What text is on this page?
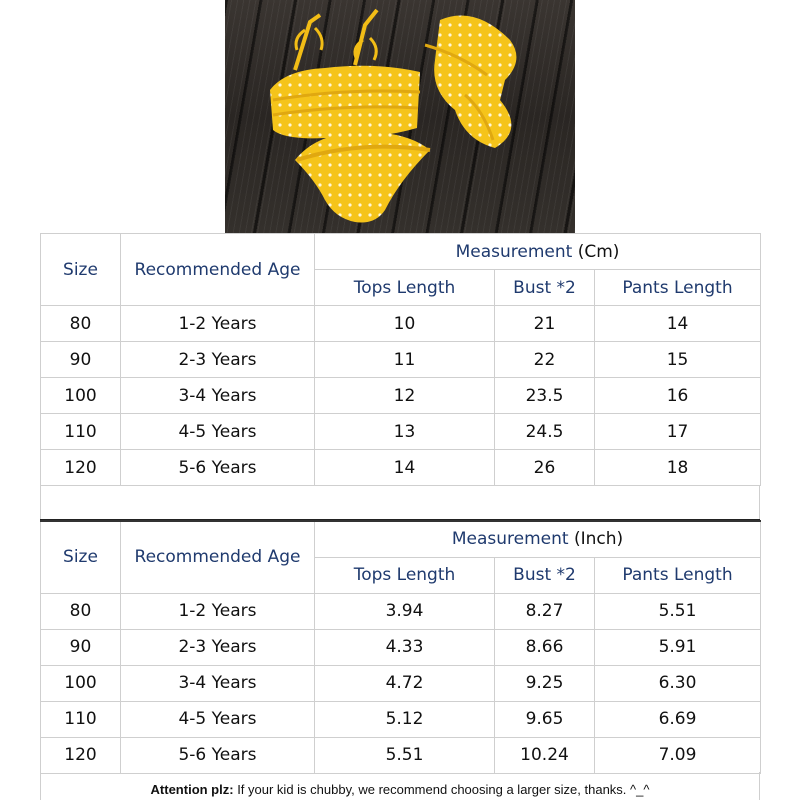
Size	Recommended Age	Measurement (Cm)		
		Tops Length	Bust *2	Pants Length
80	1-2 Years	10	21	14
90	2-3 Years	11	22	15
100	3-4 Years	12	23.5	16
110	4-5 Years	13	24.5	17
120	5-6 Years	14	26	18
Size	Recommended Age	Measurement (Inch)		
		Tops Length	Bust *2	Pants Length
80	1-2 Years	3.94	8.27	5.51
90	2-3 Years	4.33	8.66	5.91
100	3-4 Years	4.72	9.25	6.30
110	4-5 Years	5.12	9.65	6.69
120	5-6 Years	5.51	10.24	7.09
Attention plz: If your kid is chubby, we recommend choosing a larger size, thanks. ^_^
